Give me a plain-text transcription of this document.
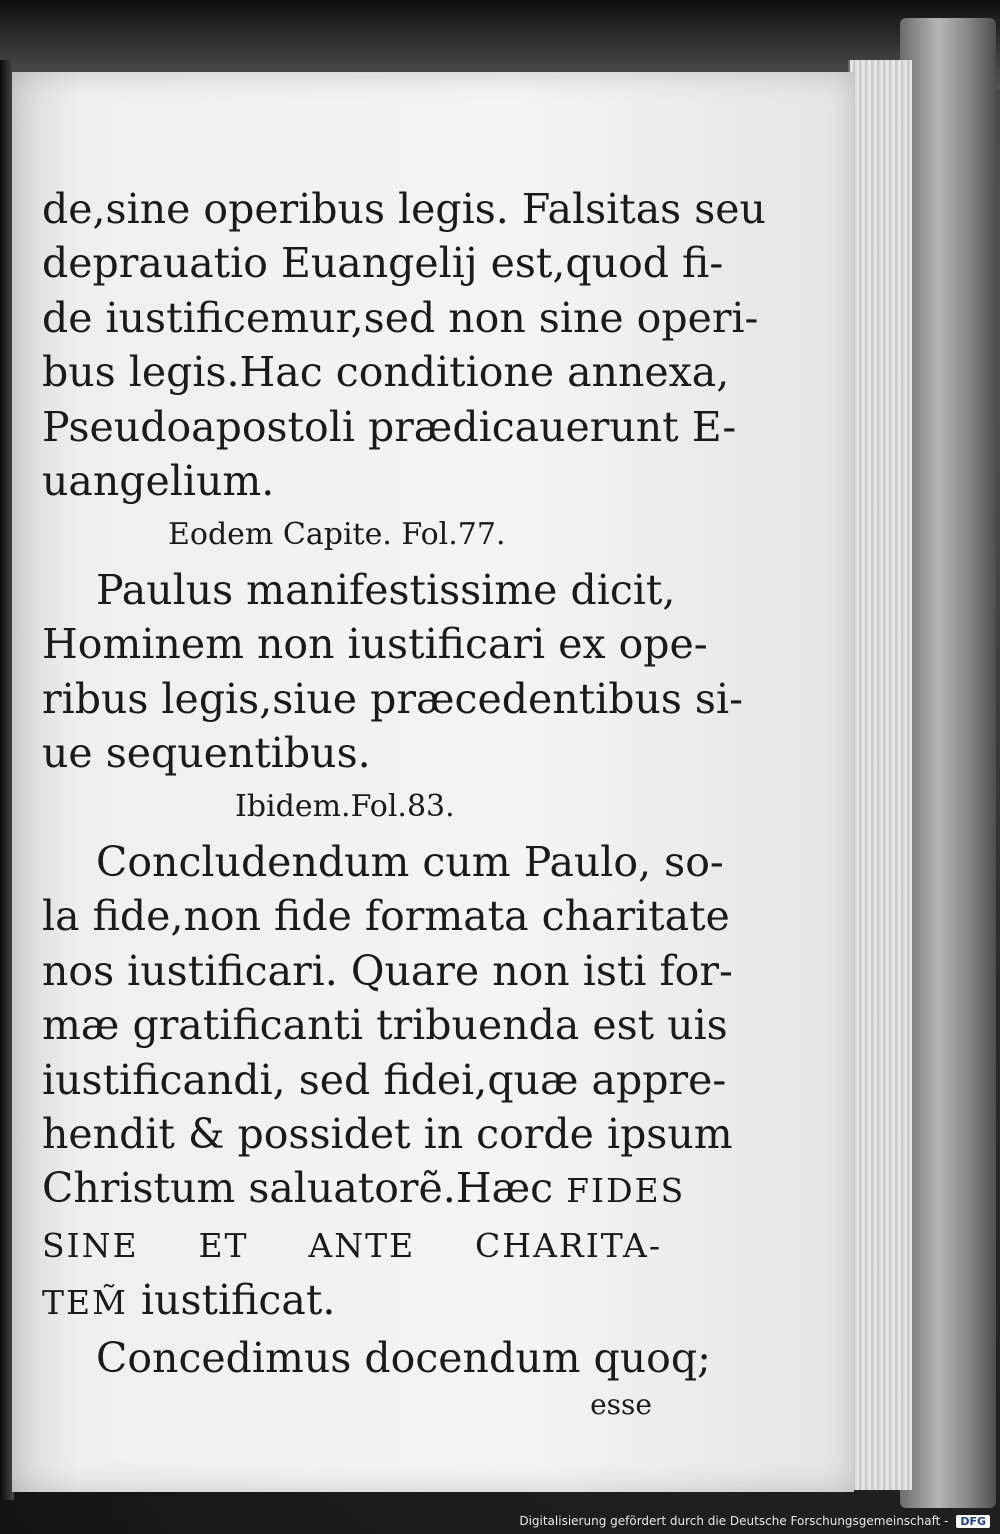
de,sine operibus legis. Falsitas seu
deprauatio Euangelij est,quod fi-
de iustificemur,sed non sine operi-
bus legis.Hac conditione annexa,
Pseudoapostoli prædicauerunt E-
uangelium.
Eodem Capite. Fol.77.
Paulus manifestissime dicit,
Hominem non iustificari ex ope-
ribus legis,siue præcedentibus si-
ue sequentibus.
Ibidem.Fol.83.
Concludendum cum Paulo, so-
la fide,non fide formata charitate
nos iustificari. Quare non isti for-
mæ gratificanti tribuenda est uis
iustificandi, sed fidei,quæ appre-
hendit & possidet in corde ipsum
Christum saluatorẽ.Hæc FIDES
SINE ET ANTE CHARITA-
TEM̃ iustificat.
Concedimus docendum quoq;
esse
Digitalisierung gefördert durch die Deutsche Forschungsgemeinschaft - DFG
